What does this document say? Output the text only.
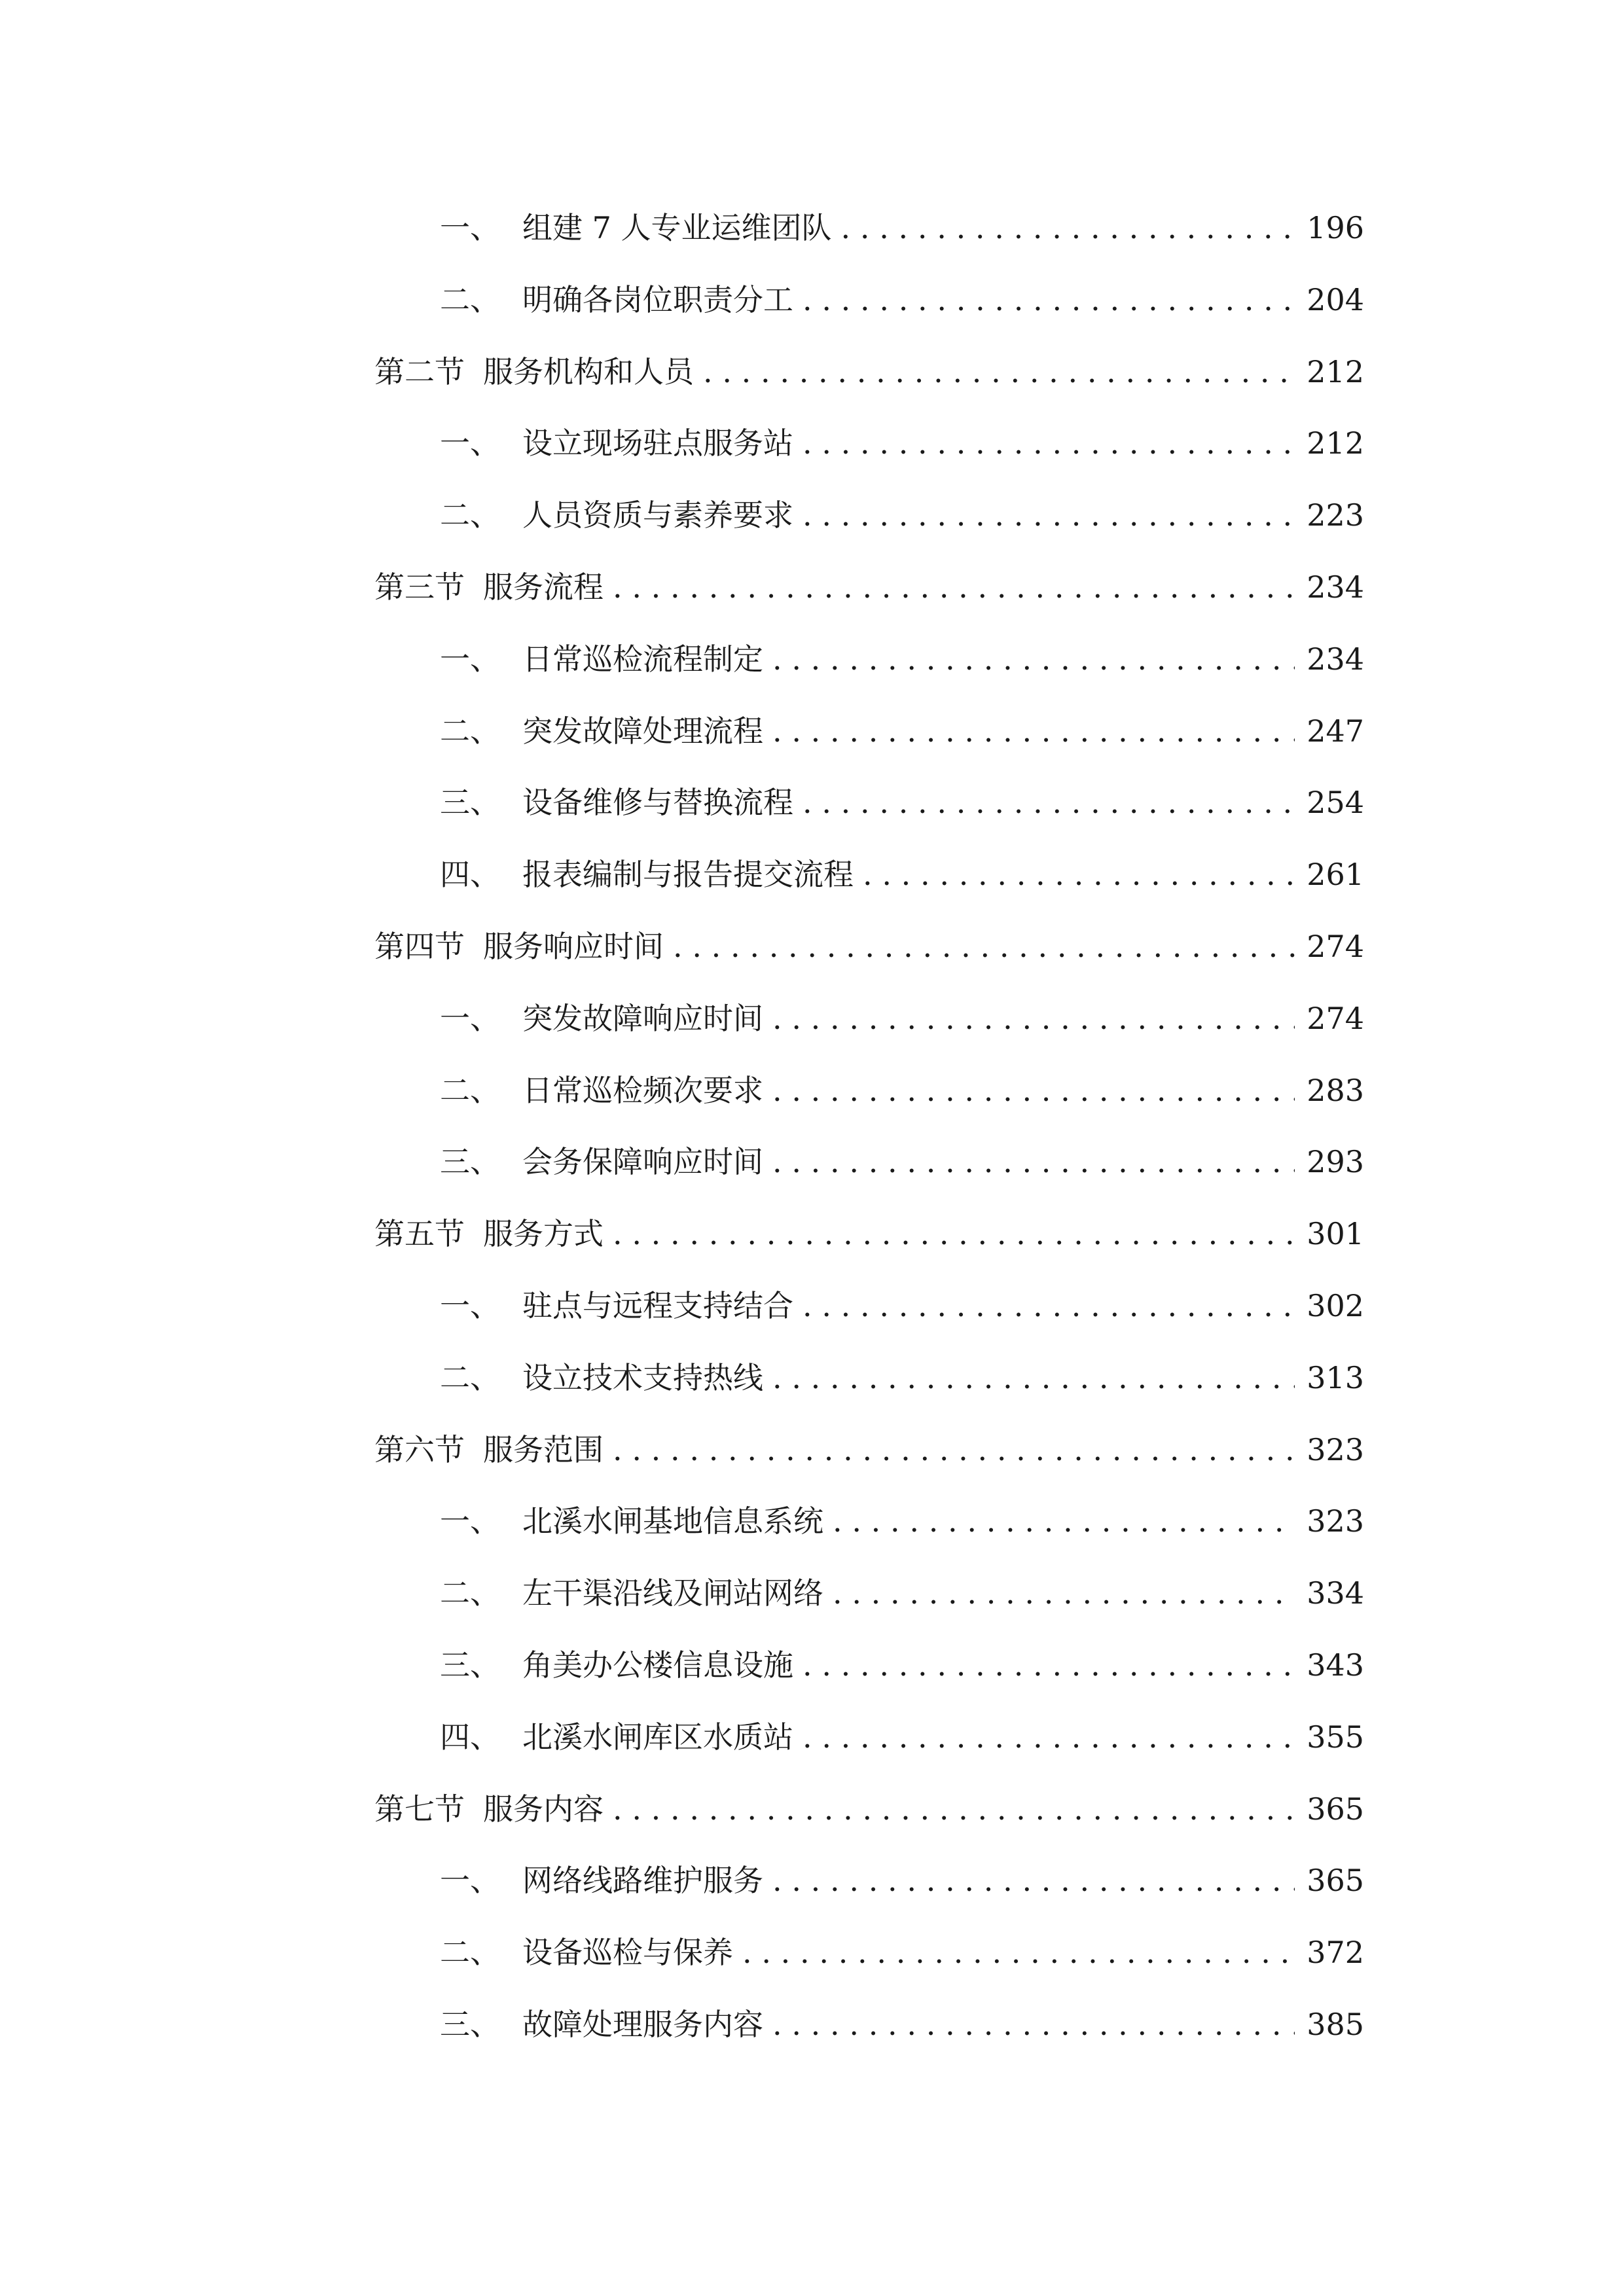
一、 组建 7 人专业运维团队 .....	196
二、 明确各岗位职责分工 .....	204
第二节 服务机构和人员 .....	212
一、 设立现场驻点服务站 .....	212
二、 人员资质与素养要求 .....	223
第三节 服务流程 .....	234
一、 日常巡检流程制定 .....	234
二、 突发故障处理流程 .....	247
三、 设备维修与替换流程 .....	254
四、 报表编制与报告提交流程 .....	261
第四节 服务响应时间 .....	274
一、 突发故障响应时间 .....	274
二、 日常巡检频次要求 .....	283
三、 会务保障响应时间 .....	293
第五节 服务方式 .....	301
一、 驻点与远程支持结合 .....	302
二、 设立技术支持热线 .....	313
第六节 服务范围 .....	323
一、 北溪水闸基地信息系统 .....	323
二、 左干渠沿线及闸站网络 .....	334
三、 角美办公楼信息设施 .....	343
四、 北溪水闸库区水质站 .....	355
第七节 服务内容 .....	365
一、 网络线路维护服务 .....	365
二、 设备巡检与保养 .....	372
三、 故障处理服务内容 .....	385
